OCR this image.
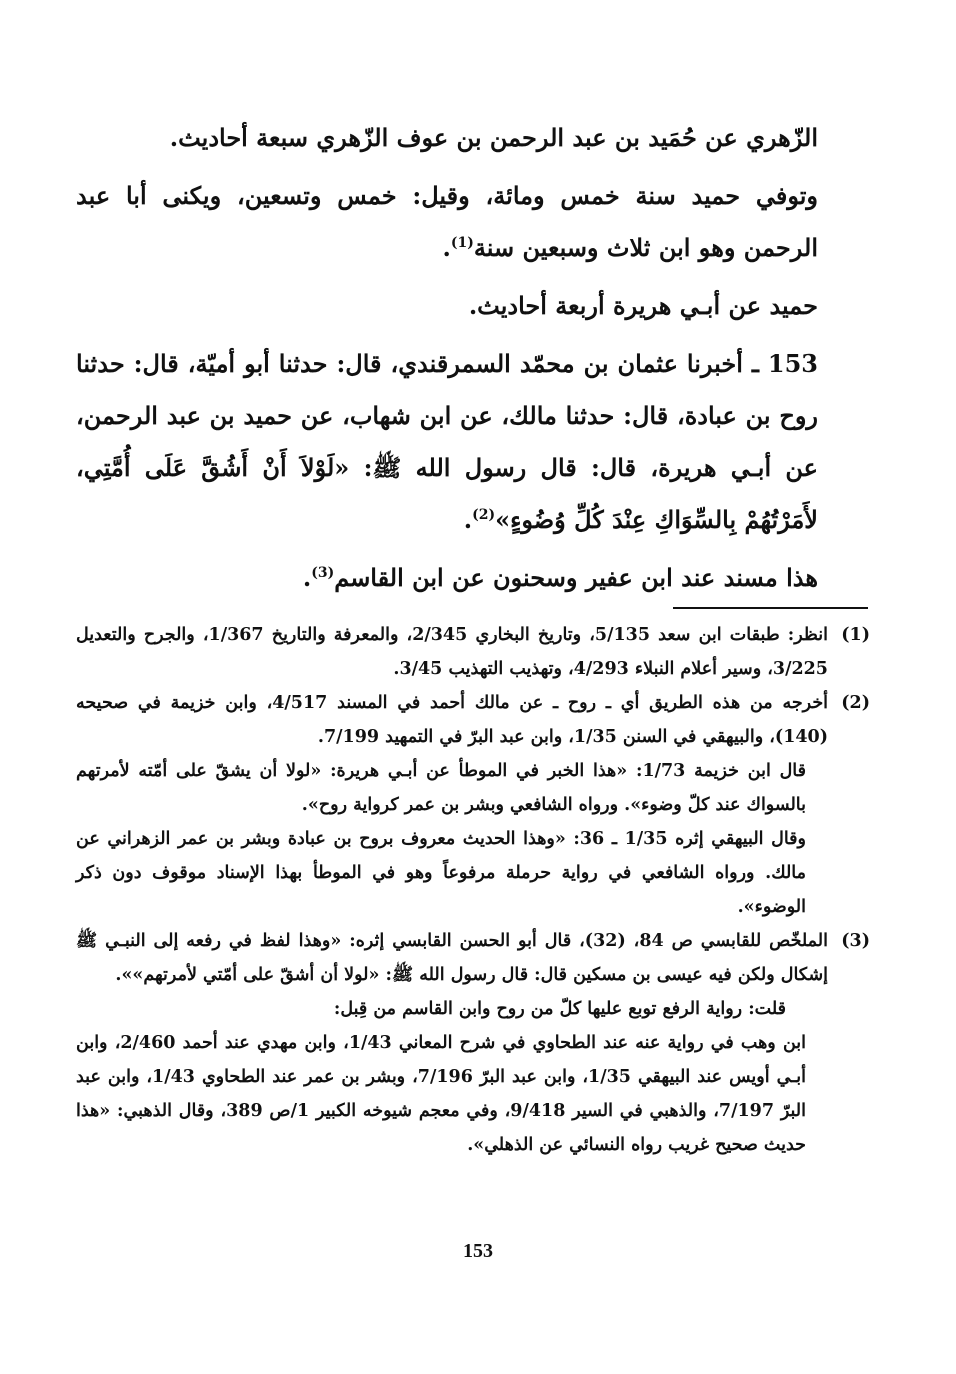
الزّهري عن حُمَيد بن عبد الرحمن بن عوف الزّهري سبعة أحاديث.

وتوفي حميد سنة خمس ومائة، وقيل: خمس وتسعين، ويكنى أبا عبد الرحمن وهو ابن ثلاث وسبعين سنة$^{(1)}$.

حميد عن أبـي هريرة أربعة أحاديث.

153 ـ أخبرنا عثمان بن محمّد السمرقندي، قال: حدثنا أبو أميّة، قال: حدثنا روح بن عبادة، قال: حدثنا مالك، عن ابن شهاب، عن حميد بن عبد الرحمن، عن أبـي هريرة، قال: قال رسول الله ﷺ: «لَوْلاَ أَنْ أَشُقَّ عَلَى أُمَّتِي، لأَمَرْتُهُمْ بِالسِّوَاكِ عِنْدَ كُلِّ وُضُوءٍ»$^{(2)}$.

هذا مسند عند ابن عفير وسحنون عن ابن القاسم$^{(3)}$.

(1)

انظر: طبقات ابن سعد 5/135، وتاريخ البخاري 2/345، والمعرفة والتاريخ 1/367، والجرح والتعديل 3/225، وسير أعلام النبلاء 4/293، وتهذيب التهذيب 3/45.

(2)

أخرجه من هذه الطريق أي ـ روح ـ عن مالك أحمد في المسند 4/517، وابن خزيمة في صحيحه (140)، والبيهقي في السنن 1/35، وابن عبد البرّ في التمهيد 7/199.

قال ابن خزيمة 1/73: «هذا الخبر في الموطأ عن أبـي هريرة: «لولا أن يشقّ على أمّته لأمرتهم بالسواك عند كلّ وضوء». ورواه الشافعي وبشر بن عمر كرواية روح».

وقال البيهقي إثره 1/35 ـ 36: «وهذا الحديث معروف بروح بن عبادة وبشر بن عمر الزهراني عن مالك. ورواه الشافعي في رواية حرملة مرفوعاً وهو في الموطأ بهذا الإسناد موقوف دون ذكر الوضوء».

(3)

الملخّص للقابسي ص 84، (32)، قال أبو الحسن القابسي إثره: «وهذا لفظ في رفعه إلى النبـي ﷺ إشكال ولكن فيه عيسى بن مسكين قال: قال رسول الله ﷺ: «لولا أن أشقّ على أمّتي لأمرتهم»».

قلت: رواية الرفع توبع عليها كلّ من روح وابن القاسم من قِبل:

ابن وهب في رواية عنه عند الطحاوي في شرح المعاني 1/43، وابن مهدي عند أحمد 2/460، وابن أبـي أويس عند البيهقي 1/35، وابن عبد البرّ 7/196، وبشر بن عمر عند الطحاوي 1/43، وابن عبد البرّ 7/197، والذهبي في السير 9/418، وفي معجم شيوخه الكبير 1/ص 389، وقال الذهبي: «هذا حديث صحيح غريب رواه النسائي عن الذهلي».

153
